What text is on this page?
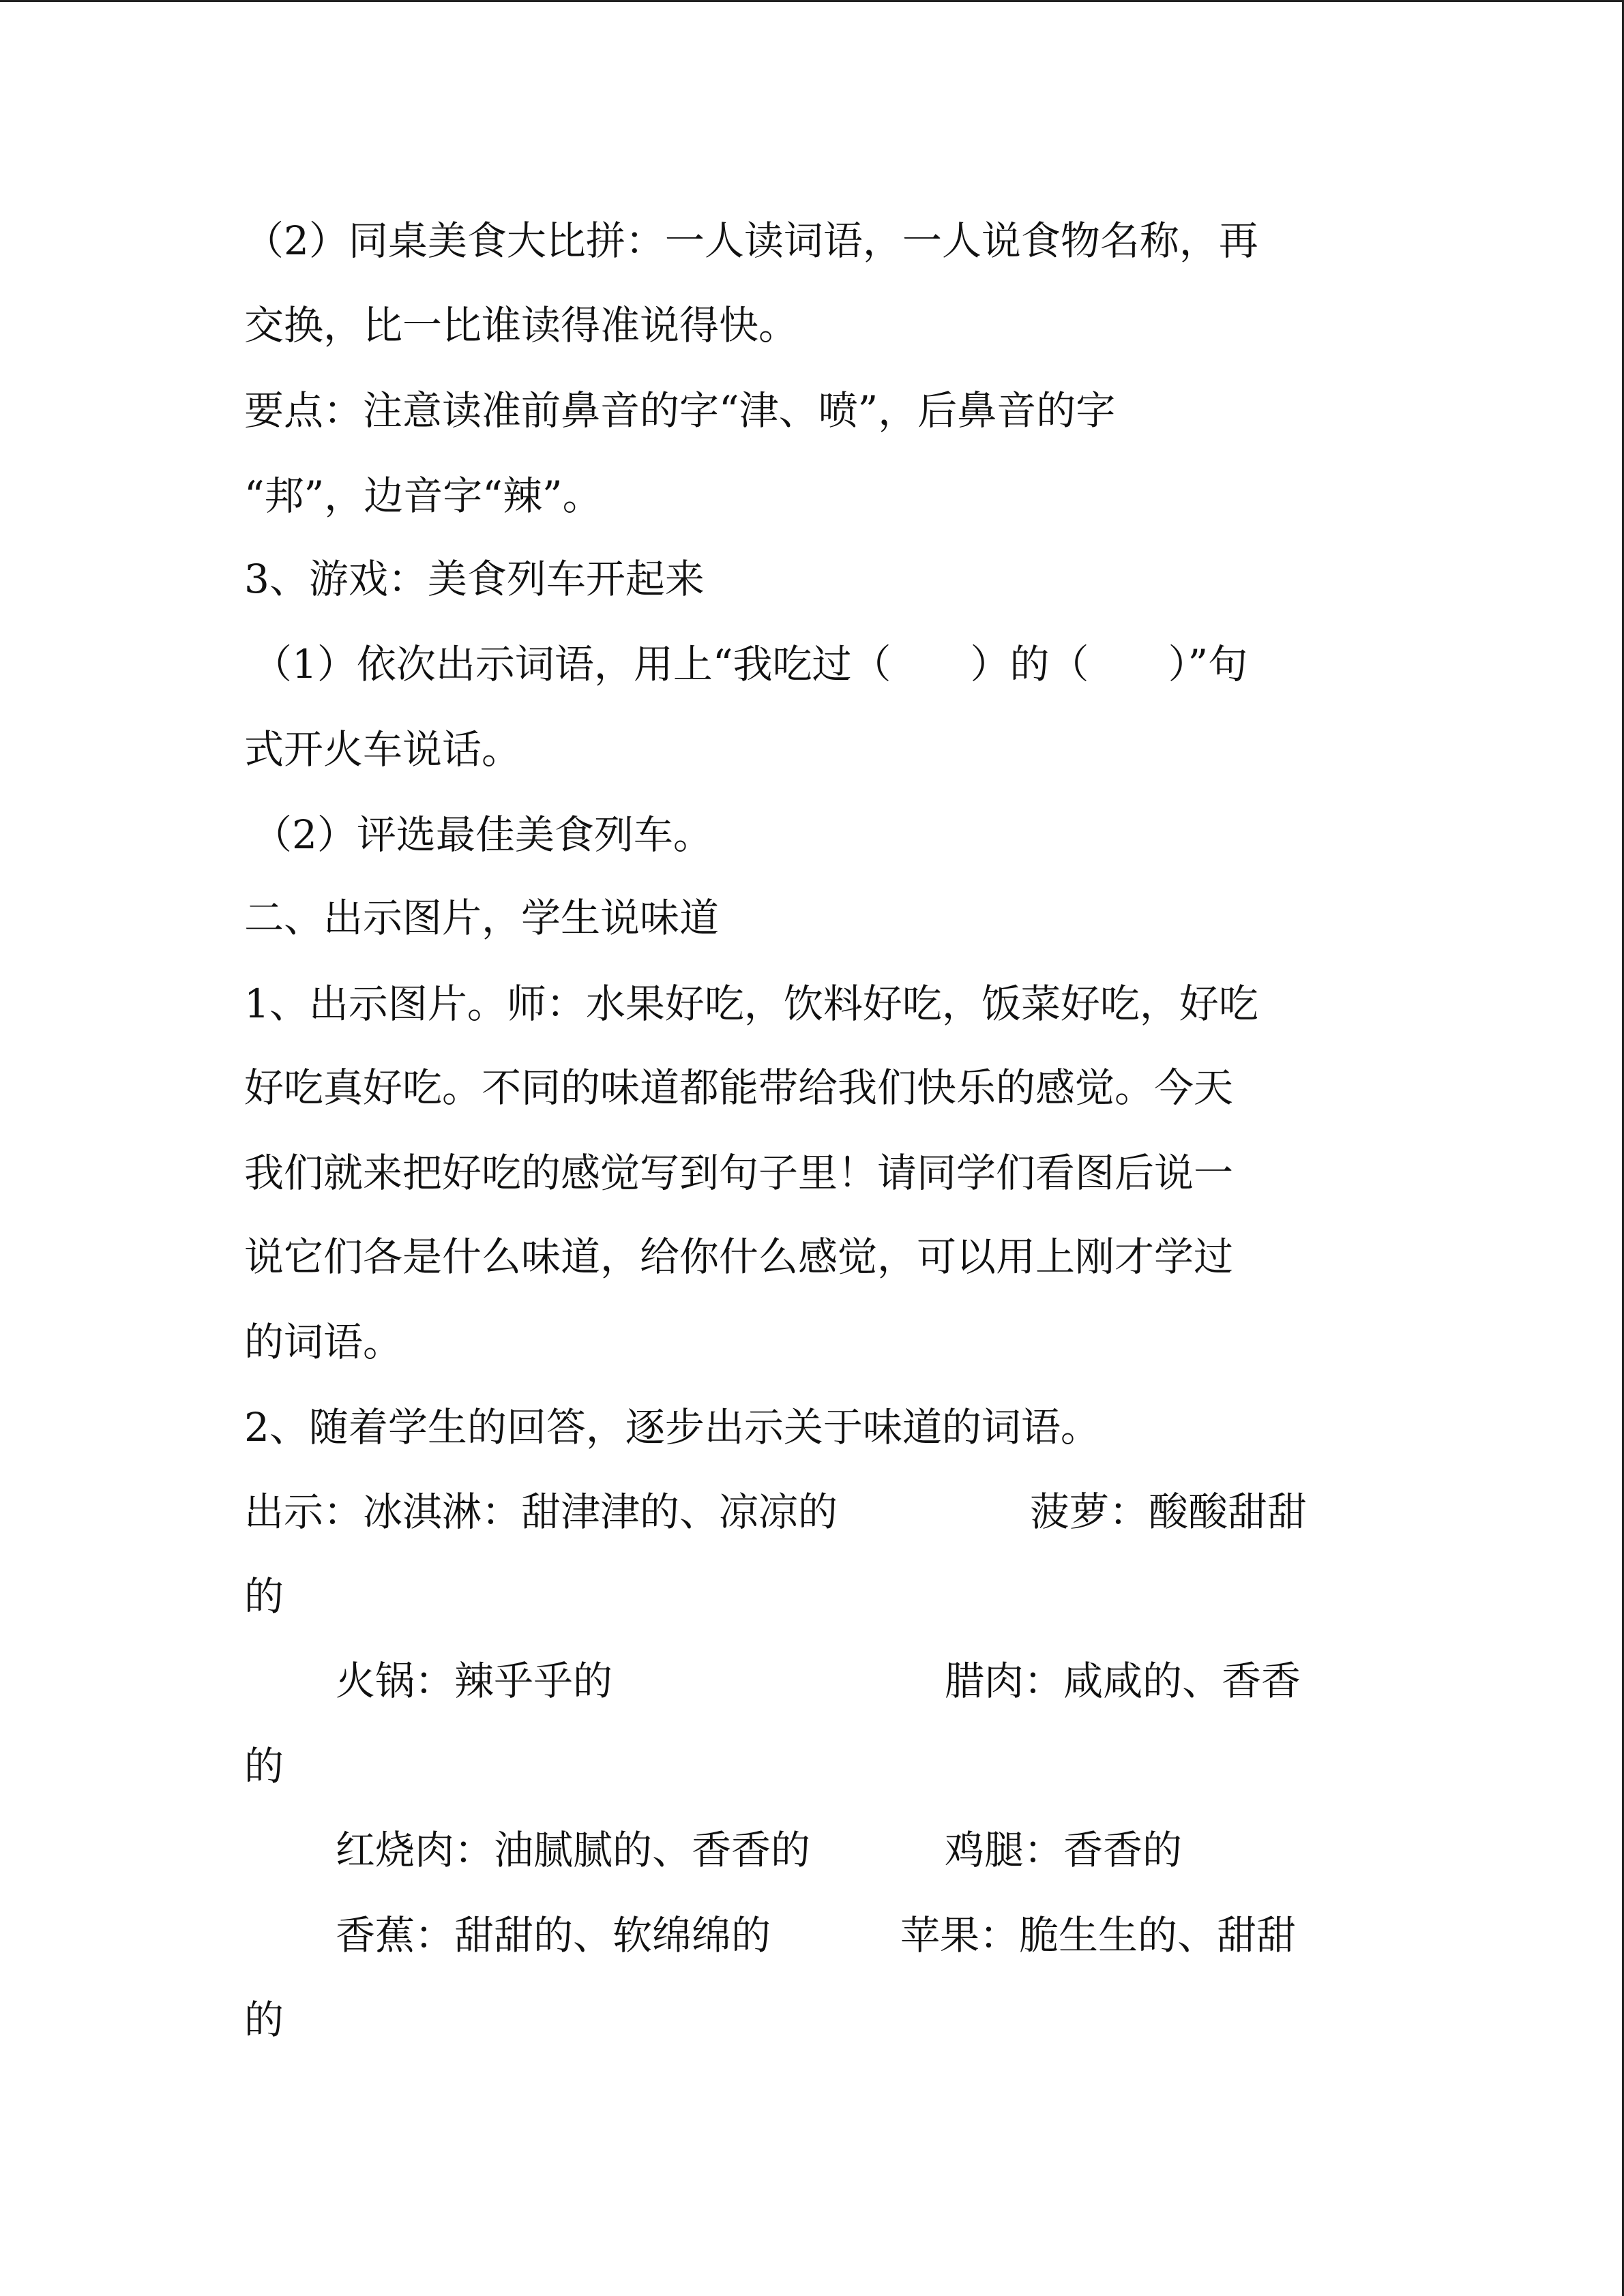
（2）同桌美食大比拼：一人读词语，一人说食物名称，再
交换，比一比谁读得准说得快。
要点：注意读准前鼻音的字“津、喷”，后鼻音的字
“邦”，边音字“辣”。
3、游戏：美食列车开起来
（1）依次出示词语，用上“我吃过（　　）的（　　）”句
式开火车说话。
（2）评选最佳美食列车。
二、出示图片，学生说味道
1、出示图片。师：水果好吃，饮料好吃，饭菜好吃，好吃
好吃真好吃。不同的味道都能带给我们快乐的感觉。今天
我们就来把好吃的感觉写到句子里！请同学们看图后说一
说它们各是什么味道，给你什么感觉，可以用上刚才学过
的词语。
2、随着学生的回答，逐步出示关于味道的词语。
出示：冰淇淋：甜津津的、凉凉的	菠萝：酸酸甜甜
的
火锅：辣乎乎的	腊肉：咸咸的、香香
的
红烧肉：油腻腻的、香香的	鸡腿：香香的
香蕉：甜甜的、软绵绵的	苹果：脆生生的、甜甜
的
